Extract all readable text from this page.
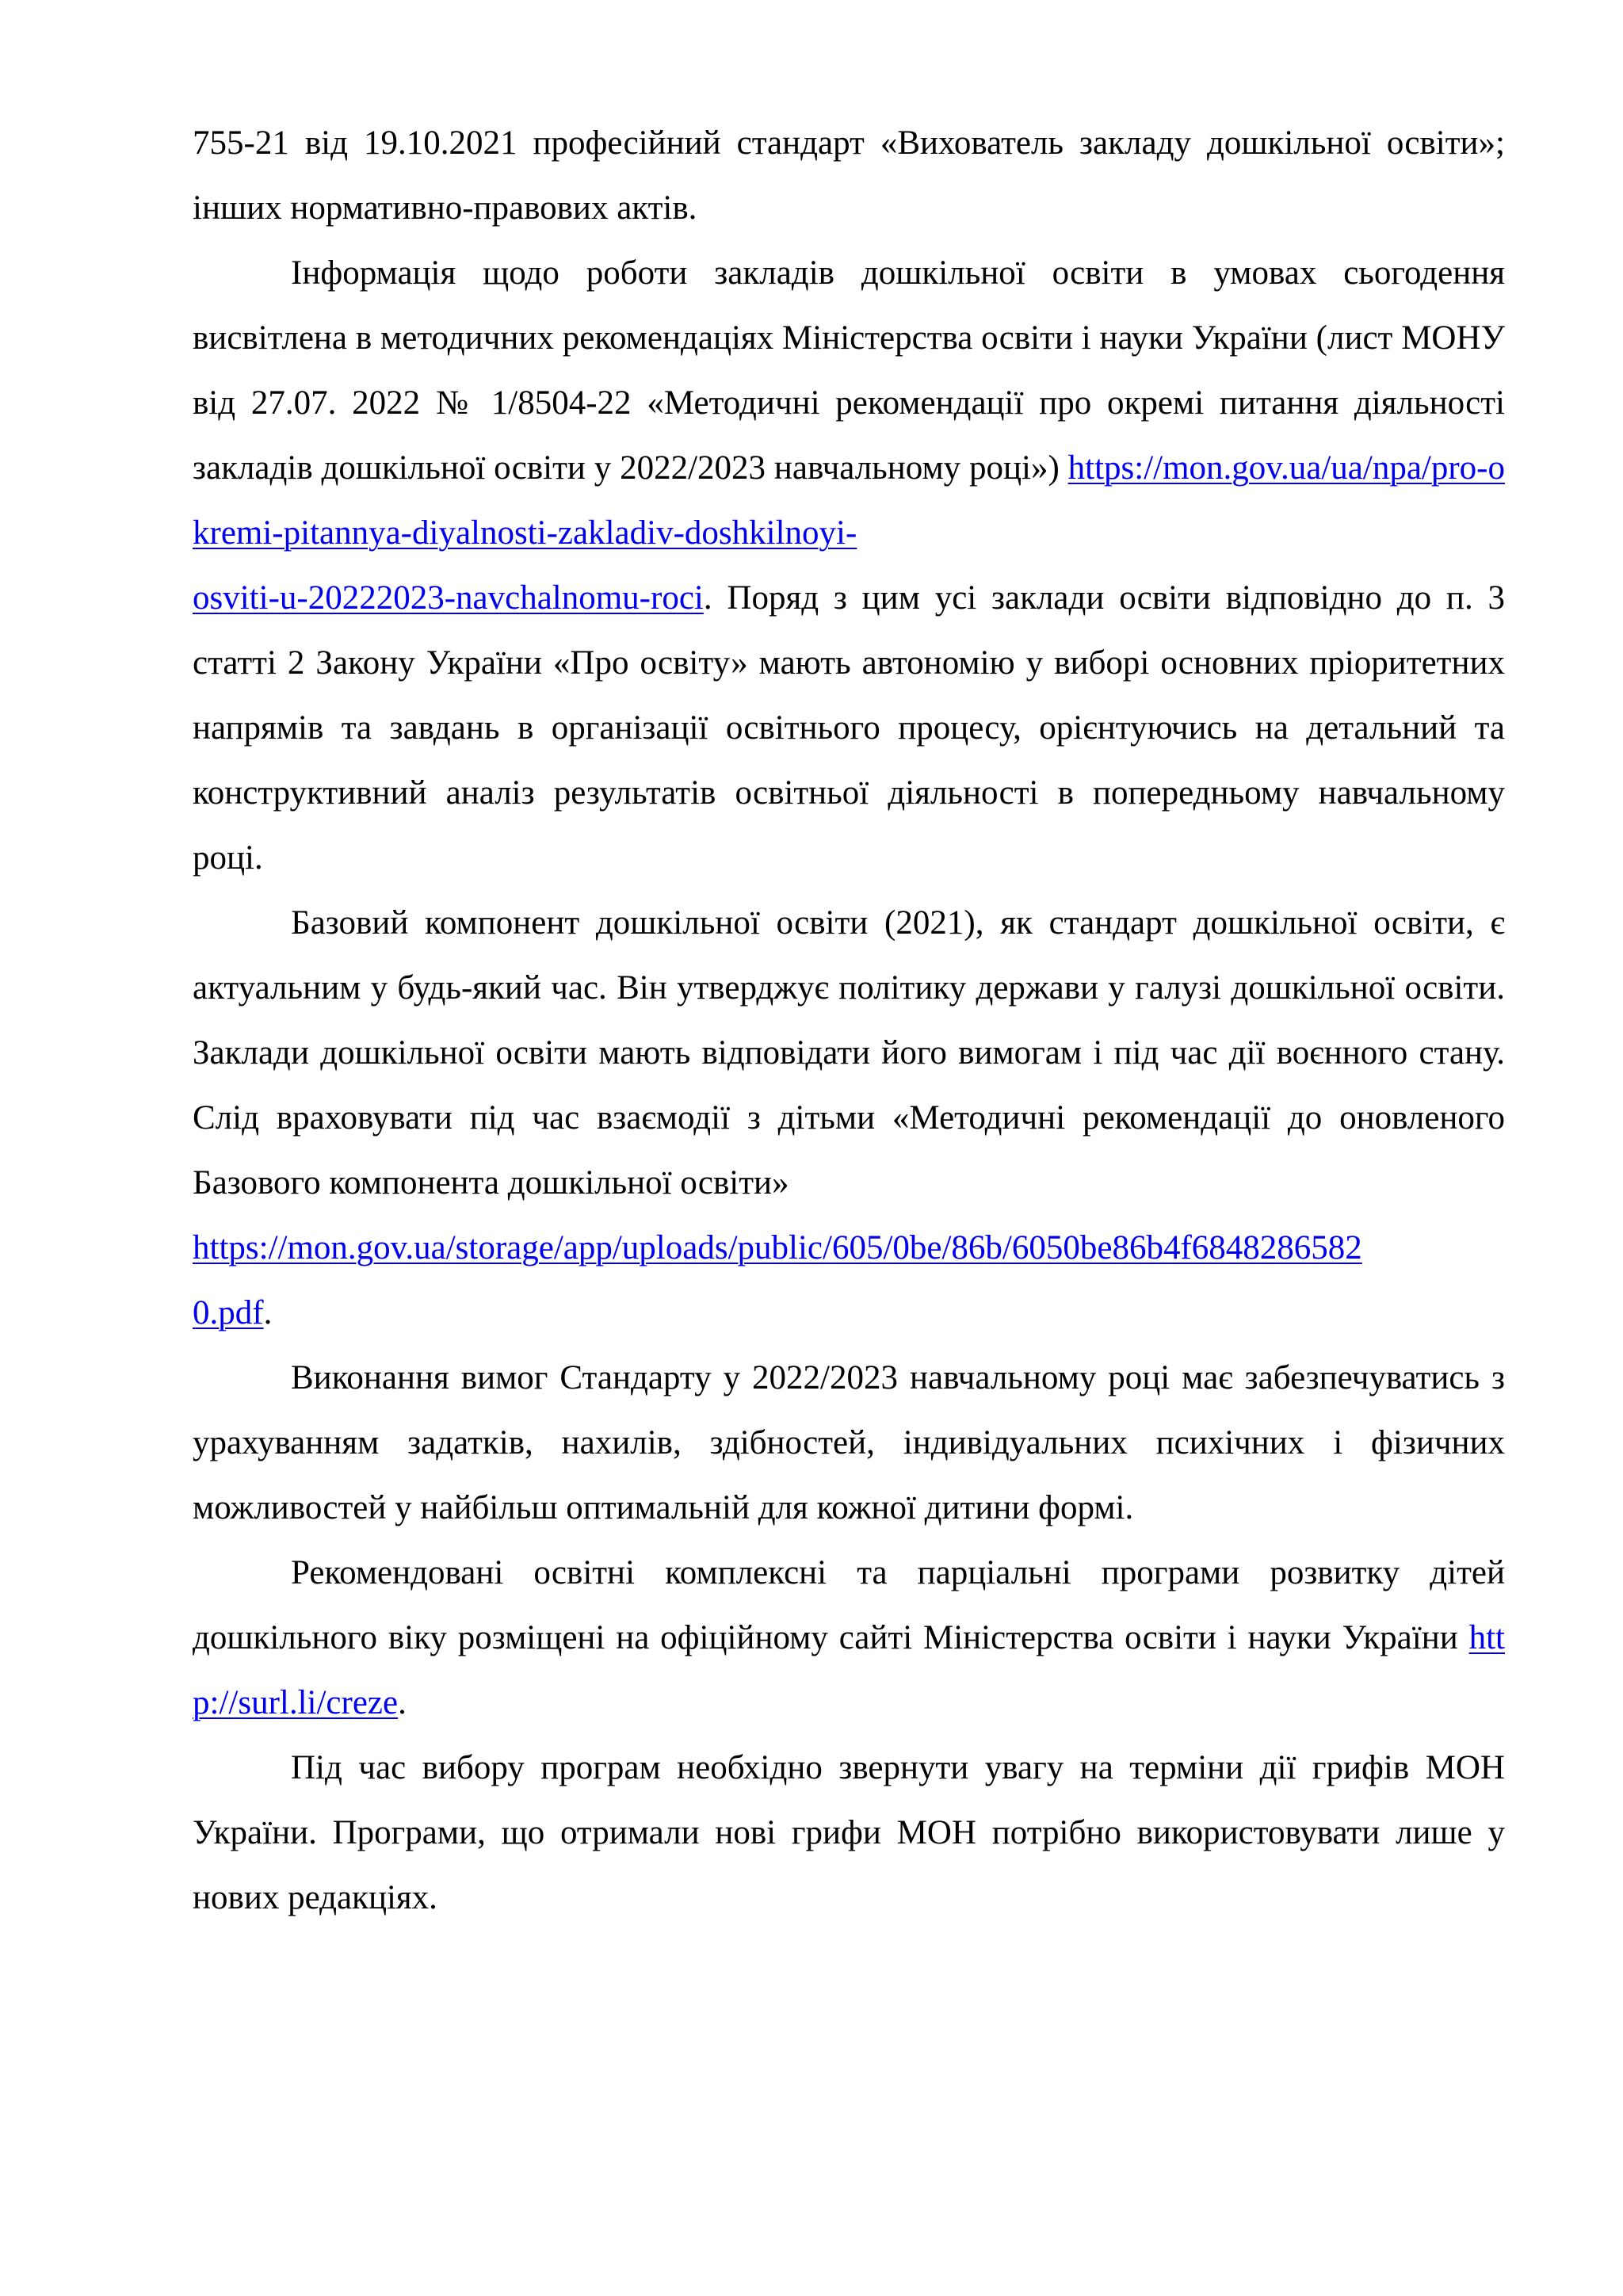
755-21 від 19.10.2021 професійний стандарт «Вихователь закладу дошкільної освіти»; інших нормативно-правових актів.

Інформація щодо роботи закладів дошкільної освіти в умовах сьогодення висвітлена в методичних рекомендаціях Міністерства освіти і науки України (лист МОНУ від 27.07. 2022 № 1/8504-22 «Методичні рекомендації про окремі питання діяльності закладів дошкільної освіти у 2022/2023 навчальному році») https://mon.gov.ua/ua/npa/pro-okremi-pitannya-diyalnosti-zakladiv-doshkilnoyi-
osviti-u-20222023-navchalnomu-roci. Поряд з цим усі заклади освіти відповідно до п. 3 статті 2 Закону України «Про освіту» мають автономію у виборі основних пріоритетних напрямів та завдань в організації освітнього процесу, орієнтуючись на детальний та конструктивний аналіз результатів освітньої діяльності в попередньому навчальному році.

Базовий компонент дошкільної освіти (2021), як стандарт дошкільної освіти, є актуальним у будь-який час. Він утверджує політику держави у галузі дошкільної освіти. Заклади дошкільної освіти мають відповідати його вимогам і під час дії воєнного стану. Слід враховувати під час взаємодії з дітьми «Методичні рекомендації до оновленого Базового компонента дошкільної освіти»
https://mon.gov.ua/storage/app/uploads/public/605/0be/86b/6050be86b4f6848286582
0.pdf.

Виконання вимог Стандарту у 2022/2023 навчальному році має забезпечуватись з урахуванням задатків, нахилів, здібностей, індивідуальних психічних і фізичних можливостей у найбільш оптимальній для кожної дитини формі.

Рекомендовані освітні комплексні та парціальні програми розвитку дітей дошкільного віку розміщені на офіційному сайті Міністерства освіти і науки України http://surl.li/creze.

Під час вибору програм необхідно звернути увагу на терміни дії грифів МОН України. Програми, що отримали нові грифи МОН потрібно використовувати лише у нових редакціях.
